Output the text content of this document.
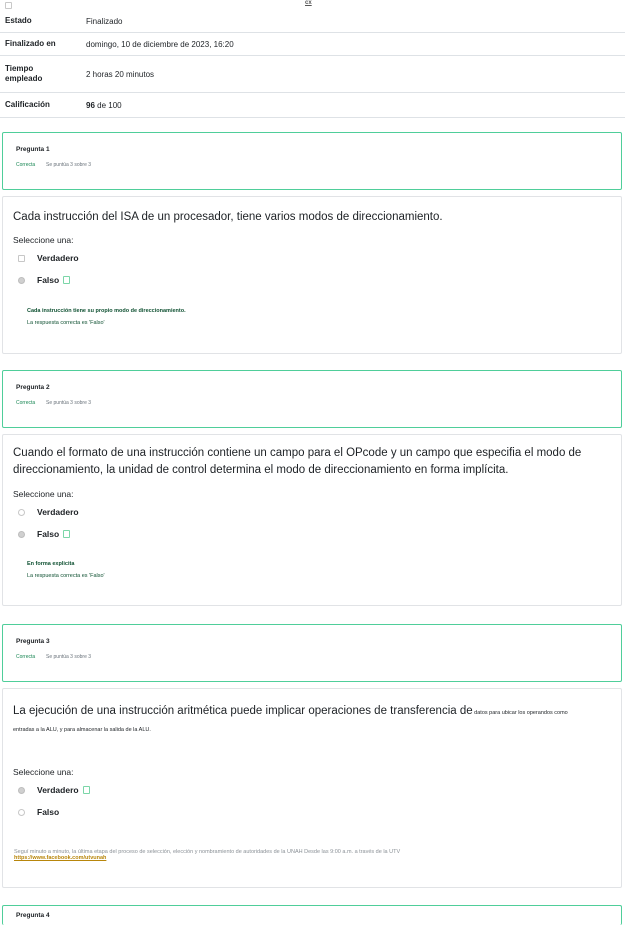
cx
Estado	Finalizado
Finalizado en	domingo, 10 de diciembre de 2023, 16:20
Tiempo empleado	2 horas 20 minutos
Calificación	96 de 100
Pregunta 1
Correcta Se puntúa 3 sobre 3
Cada instrucción del ISA de un procesador, tiene varios modos de direccionamiento.
Seleccione una:
Verdadero
Falso
Cada instrucción tiene su propio modo de direccionamiento.
La respuesta correcta es 'Falso'
Pregunta 2
Correcta Se puntúa 3 sobre 3
Cuando el formato de una instrucción contiene un campo para el OPcode y un campo que especifia el modo de direccionamiento, la unidad de control determina el modo de direccionamiento en forma implícita.
Seleccione una:
Verdadero
Falso
En forma explicita
La respuesta correcta es 'Falso'
Pregunta 3
Correcta Se puntúa 3 sobre 3
La ejecución de una instrucción aritmética puede implicar operaciones de transferencia de datos para ubicar los operandos como
entradas a la ALU, y para almacenar la salida de la ALU.
Seleccione una:
Verdadero
Falso
Seguí minuto a minuto, la última etapa del proceso de selección, elección y nombramiento de autoridades de la UNAH Desde las 9:00 a.m. a través de la UTV
https://www.facebook.com/utvunah
Pregunta 4
